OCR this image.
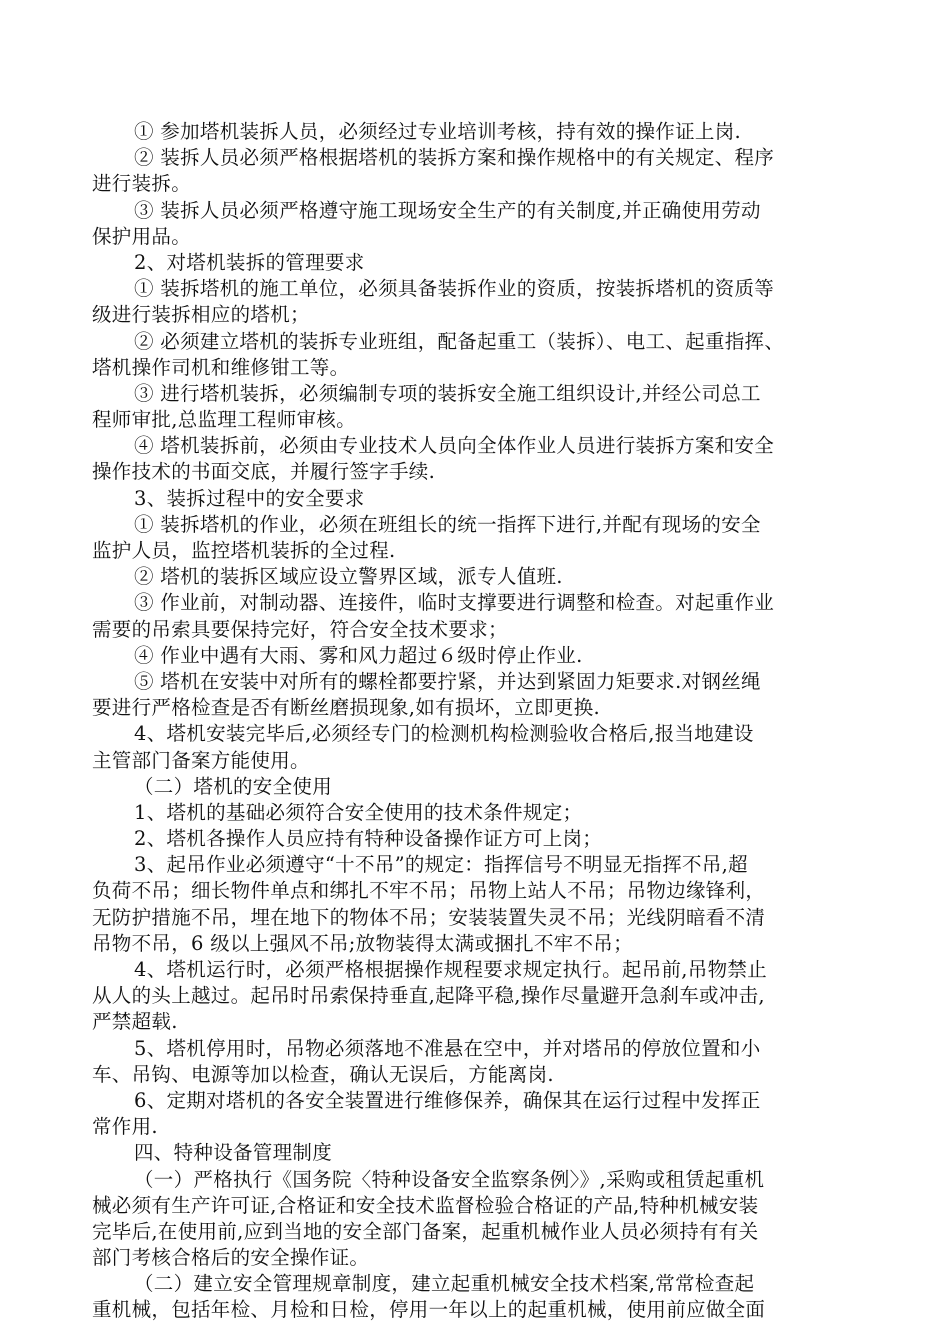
① 参加塔机装拆人员，必须经过专业培训考核，持有效的操作证上岗.
② 装拆人员必须严格根据塔机的装拆方案和操作规格中的有关规定、程序
进行装拆。
③ 装拆人员必须严格遵守施工现场安全生产的有关制度,并正确使用劳动
保护用品。
2、对塔机装拆的管理要求
① 装拆塔机的施工单位，必须具备装拆作业的资质，按装拆塔机的资质等
级进行装拆相应的塔机；
② 必须建立塔机的装拆专业班组，配备起重工（装拆）、电工、起重指挥、
塔机操作司机和维修钳工等。
③ 进行塔机装拆，必须编制专项的装拆安全施工组织设计,并经公司总工
程师审批,总监理工程师审核。
④ 塔机装拆前，必须由专业技术人员向全体作业人员进行装拆方案和安全
操作技术的书面交底，并履行签字手续.
3、装拆过程中的安全要求
① 装拆塔机的作业，必须在班组长的统一指挥下进行,并配有现场的安全
监护人员，监控塔机装拆的全过程.
② 塔机的装拆区域应设立警界区域，派专人值班.
③ 作业前，对制动器、连接件，临时支撑要进行调整和检查。对起重作业
需要的吊索具要保持完好，符合安全技术要求；
④ 作业中遇有大雨、雾和风力超过６级时停止作业.
⑤ 塔机在安装中对所有的螺栓都要拧紧，并达到紧固力矩要求.对钢丝绳
要进行严格检查是否有断丝磨损现象,如有损坏，立即更换.
4、塔机安装完毕后,必须经专门的检测机构检测验收合格后,报当地建设
主管部门备案方能使用。
（二）塔机的安全使用
1、塔机的基础必须符合安全使用的技术条件规定；
2、塔机各操作人员应持有特种设备操作证方可上岗；
3、起吊作业必须遵守“十不吊”的规定：指挥信号不明显无指挥不吊,超
负荷不吊；细长物件单点和绑扎不牢不吊；吊物上站人不吊；吊物边缘锋利，
无防护措施不吊，埋在地下的物体不吊；安装装置失灵不吊；光线阴暗看不清
吊物不吊，6 级以上强风不吊;放物装得太满或捆扎不牢不吊；
4、塔机运行时，必须严格根据操作规程要求规定执行。起吊前,吊物禁止
从人的头上越过。起吊时吊索保持垂直,起降平稳,操作尽量避开急刹车或冲击,
严禁超载.
5、塔机停用时，吊物必须落地不准悬在空中，并对塔吊的停放位置和小
车、吊钩、电源等加以检查，确认无误后，方能离岗.
6、定期对塔机的各安全装置进行维修保养，确保其在运行过程中发挥正
常作用.
四、特种设备管理制度
（一）严格执行《国务院〈特种设备安全监察条例〉》,采购或租赁起重机
械必须有生产许可证,合格证和安全技术监督检验合格证的产品,特种机械安装
完毕后,在使用前,应到当地的安全部门备案，起重机械作业人员必须持有有关
部门考核合格后的安全操作证。
（二）建立安全管理规章制度，建立起重机械安全技术档案,常常检查起
重机械，包括年检、月检和日检，停用一年以上的起重机械，使用前应做全面
